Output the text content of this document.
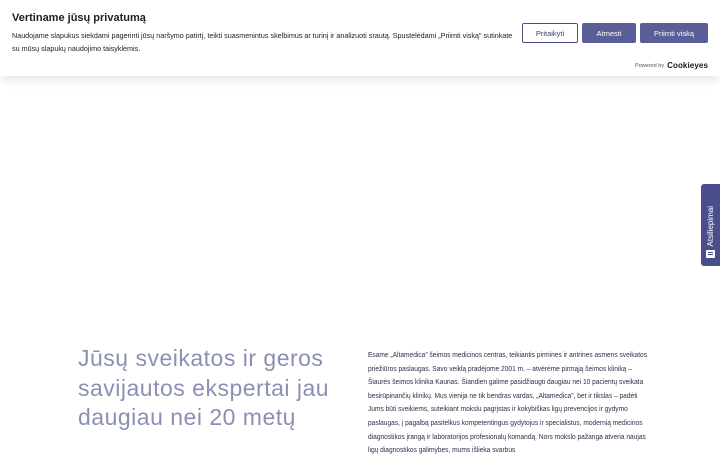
Vertiname jūsų privatumą
Naudojame slapukus siekdami pagerinti jūsų naršymo patirtį, teikti suasmenintus skelbimus ar turinį ir analizuoti srautą. Spustelėdami „Priimti viską" sutinkate su mūsų slapukų naudojimo taisyklėmis.
Pritaikyti	Atmesti	Priimti viską
Powered by Cookieyes
Atsiliepimai
Jūsų sveikatos ir geros savijautos ekspertai jau daugiau nei 20 metų

Esame „Altamedica" šeimos medicinos centras, teikiantis pirmines ir antrines asmens sveikatos priežiūros paslaugas. Savo veiklą pradėjome 2001 m. – atvėrėme pirmąją šeimos kliniką – Šiaurės šeimos klinika Kaunas. Šiandien galime pasidžiaugti daugiau nei 10 pacientų sveikata besirūpinančių klinikų. Mus vienija ne tik bendras vardas, „Altamedica", bet ir tikslas – padėti Jums būti sveikiems, suteikiant mokslu pagrįstas ir kokybiškas ligų prevencijos ir gydymo paslaugas, į pagalbą pasitelkus kompetentingus gydytojus ir specialistus, modernią medicinos diagnostikos įrangą ir laboratorijos profesionalų komandą. Nors mokslo pažanga atveria naujas ligų diagnostikos galimybes, mums išlieka svarbus
